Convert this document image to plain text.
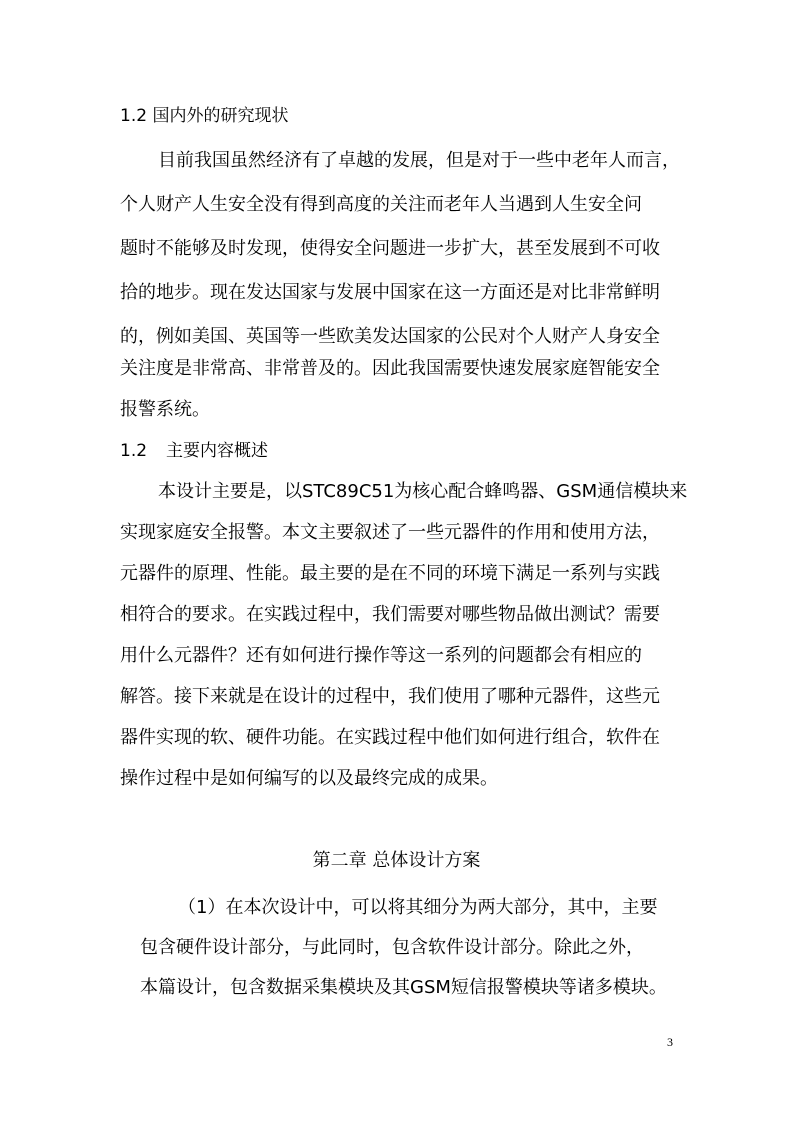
1.2 国内外的研究现状
目前我国虽然经济有了卓越的发展，但是对于一些中老年人而言，
个人财产人生安全没有得到高度的关注而老年人当遇到人生安全问
题时不能够及时发现，使得安全问题进一步扩大，甚至发展到不可收
拾的地步。现在发达国家与发展中国家在这一方面还是对比非常鲜明
的，例如美国、英国等一些欧美发达国家的公民对个人财产人身安全
关注度是非常高、非常普及的。因此我国需要快速发展家庭智能安全
报警系统。
1.2 主要内容概述
本设计主要是，以STC89C51为核心配合蜂鸣器、GSM通信模块来
实现家庭安全报警。本文主要叙述了一些元器件的作用和使用方法，
元器件的原理、性能。最主要的是在不同的环境下满足一系列与实践
相符合的要求。在实践过程中，我们需要对哪些物品做出测试？需要
用什么元器件？还有如何进行操作等这一系列的问题都会有相应的
解答。接下来就是在设计的过程中，我们使用了哪种元器件，这些元
器件实现的软、硬件功能。在实践过程中他们如何进行组合，软件在
操作过程中是如何编写的以及最终完成的成果。
第二章 总体设计方案
（1）在本次设计中，可以将其细分为两大部分，其中，主要
包含硬件设计部分，与此同时，包含软件设计部分。除此之外，
本篇设计，包含数据采集模块及其GSM短信报警模块等诸多模块。
3
